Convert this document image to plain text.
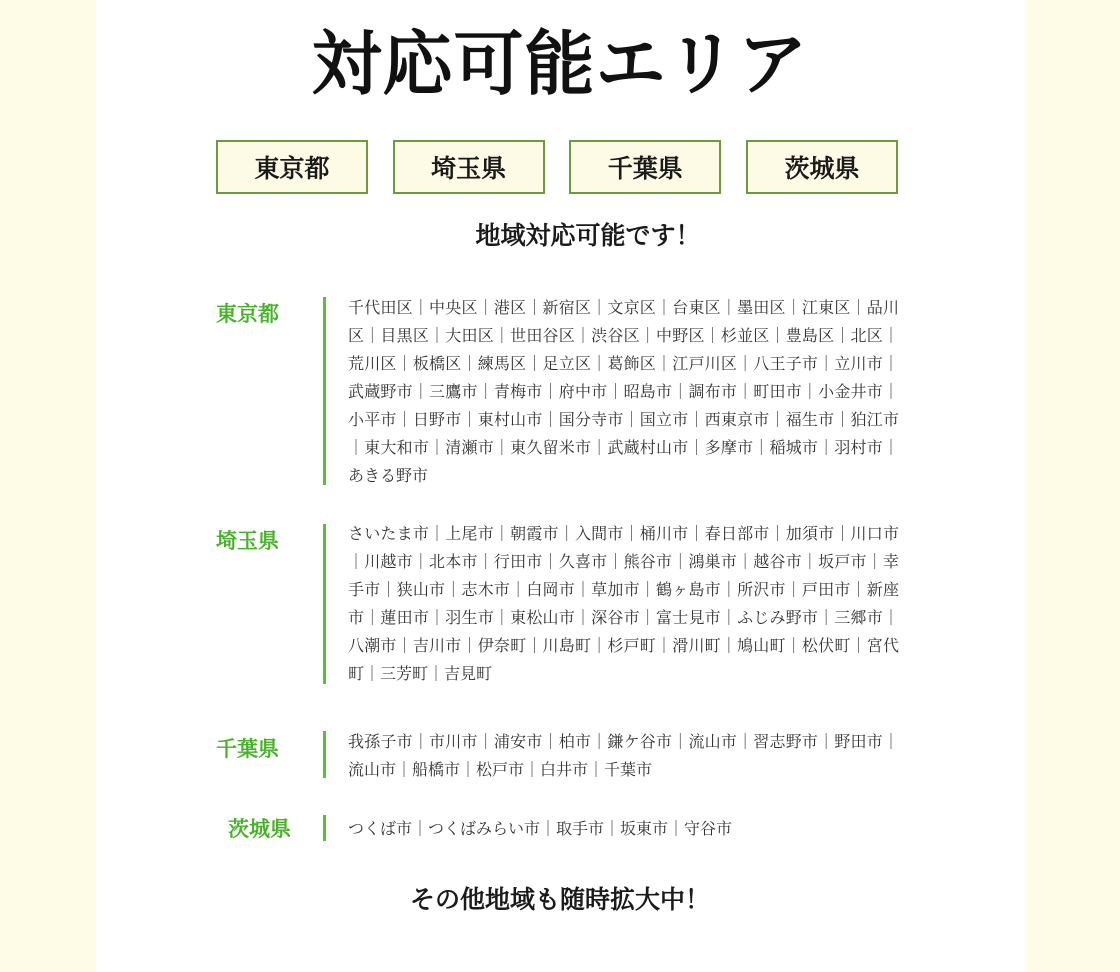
対応可能エリア
東京都	埼玉県	千葉県	茨城県
地域対応可能です！
東京都	千代田区｜中央区｜港区｜新宿区｜文京区｜台東区｜墨田区｜江東区｜品川区｜目黒区｜大田区｜世田谷区｜渋谷区｜中野区｜杉並区｜豊島区｜北区｜荒川区｜板橋区｜練馬区｜足立区｜葛飾区｜江戸川区｜八王子市｜立川市｜武蔵野市｜三鷹市｜青梅市｜府中市｜昭島市｜調布市｜町田市｜小金井市｜小平市｜日野市｜東村山市｜国分寺市｜国立市｜西東京市｜福生市｜狛江市｜東大和市｜清瀬市｜東久留米市｜武蔵村山市｜多摩市｜稲城市｜羽村市｜あきる野市
埼玉県	さいたま市｜上尾市｜朝霞市｜入間市｜桶川市｜春日部市｜加須市｜川口市｜川越市｜北本市｜行田市｜久喜市｜熊谷市｜鴻巣市｜越谷市｜坂戸市｜幸手市｜狭山市｜志木市｜白岡市｜草加市｜鶴ヶ島市｜所沢市｜戸田市｜新座市｜蓮田市｜羽生市｜東松山市｜深谷市｜富士見市｜ふじみ野市｜三郷市｜八潮市｜吉川市｜伊奈町｜川島町｜杉戸町｜滑川町｜鳩山町｜松伏町｜宮代町｜三芳町｜吉見町
千葉県	我孫子市｜市川市｜浦安市｜柏市｜鎌ケ谷市｜流山市｜習志野市｜野田市｜流山市｜船橋市｜松戸市｜白井市｜千葉市
茨城県	つくば市｜つくばみらい市｜取手市｜坂東市｜守谷市
その他地域も随時拡大中！
